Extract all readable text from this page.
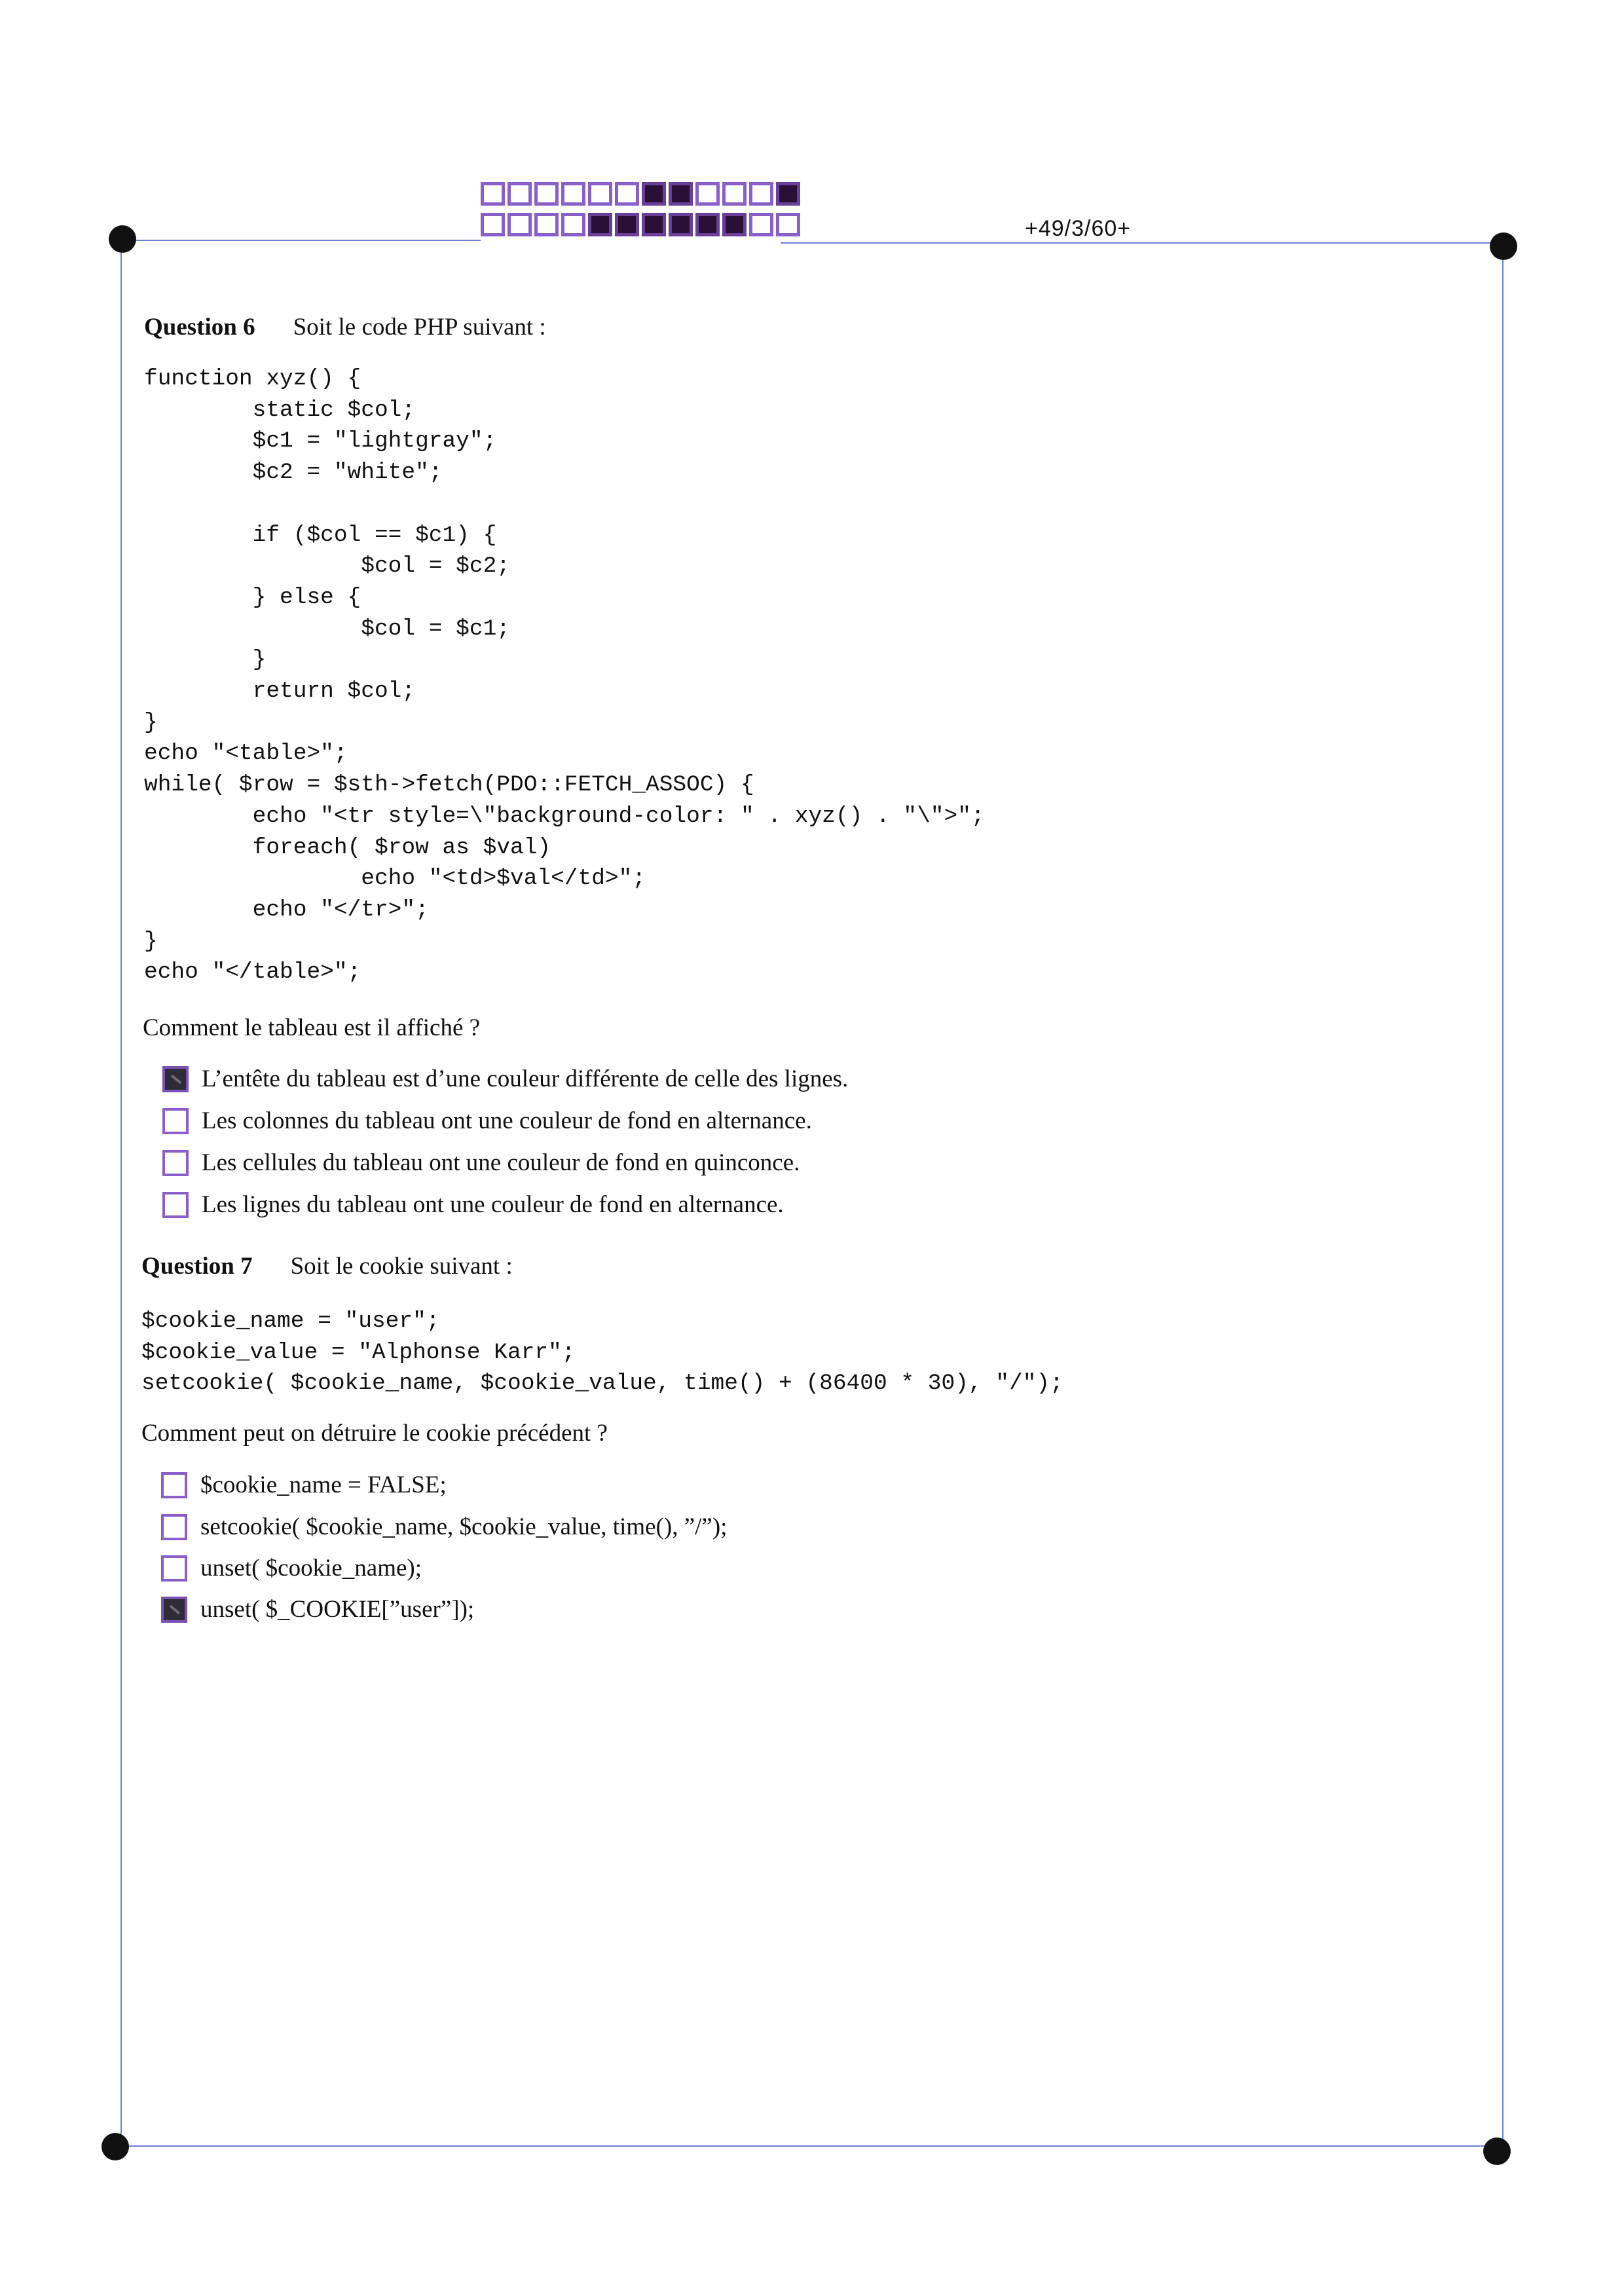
+49/3/60+
Question 6 Soit le code PHP suivant :
function xyz() {
static $col;
$c1 = "lightgray";
$c2 = "white";

if ($col == $c1) {
$col = $c2;
} else {
$col = $c1;
}
return $col;
}
echo "<table>";
while( $row = $sth->fetch(PDO::FETCH_ASSOC) {
echo "<tr style=\"background-color: " . xyz() . "\">";
foreach( $row as $val)
echo "<td>$val</td>";
echo "</tr>";
}
echo "</table>";
Comment le tableau est il affiché ?
L’entête du tableau est d’une couleur différente de celle des lignes.
Les colonnes du tableau ont une couleur de fond en alternance.
Les cellules du tableau ont une couleur de fond en quinconce.
Les lignes du tableau ont une couleur de fond en alternance.
Question 7 Soit le cookie suivant :
$cookie_name = "user";
$cookie_value = "Alphonse Karr";
setcookie( $cookie_name, $cookie_value, time() + (86400 * 30), "/");
Comment peut on détruire le cookie précédent ?
$cookie_name = FALSE;
setcookie( $cookie_name, $cookie_value, time(), ”/”);
unset( $cookie_name);
unset( $_COOKIE[”user”]);
